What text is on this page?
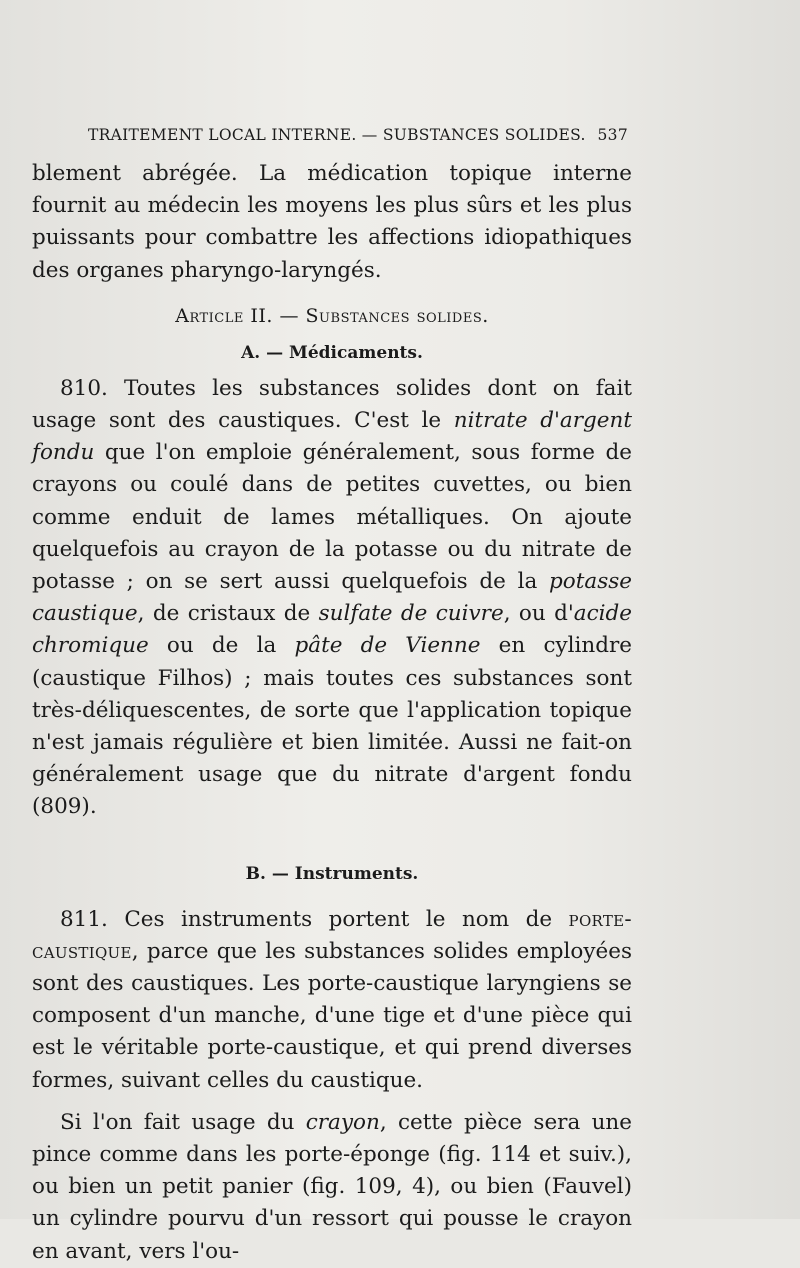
TRAITEMENT LOCAL INTERNE. — SUBSTANCES SOLIDES. 537

blement abrégée. La médication topique interne fournit au médecin les moyens les plus sûrs et les plus puissants pour combattre les affections idiopathiques des organes pharyngo-laryngés.

Article II. — Substances solides.
A. — Médicaments.

810. Toutes les substances solides dont on fait usage sont des caustiques. C'est le nitrate d'argent fondu que l'on emploie généralement, sous forme de crayons ou coulé dans de petites cuvettes, ou bien comme enduit de lames métalliques. On ajoute quelquefois au crayon de la potasse ou du nitrate de potasse ; on se sert aussi quelquefois de la potasse caustique, de cristaux de sulfate de cuivre, ou d'acide chromique ou de la pâte de Vienne en cylindre (caustique Filhos) ; mais toutes ces substances sont très-déliquescentes, de sorte que l'application topique n'est jamais régulière et bien limitée. Aussi ne fait-on généralement usage que du nitrate d'argent fondu (809).

B. — Instruments.

811. Ces instruments portent le nom de porte-caustique, parce que les substances solides employées sont des caustiques. Les porte-caustique laryngiens se composent d'un manche, d'une tige et d'une pièce qui est le véritable porte-caustique, et qui prend diverses formes, suivant celles du caustique.

Si l'on fait usage du crayon, cette pièce sera une pince comme dans les porte-éponge (fig. 114 et suiv.), ou bien un petit panier (fig. 109, 4), ou bien (Fauvel) un cylindre pourvu d'un ressort qui pousse le crayon en avant, vers l'ou-
